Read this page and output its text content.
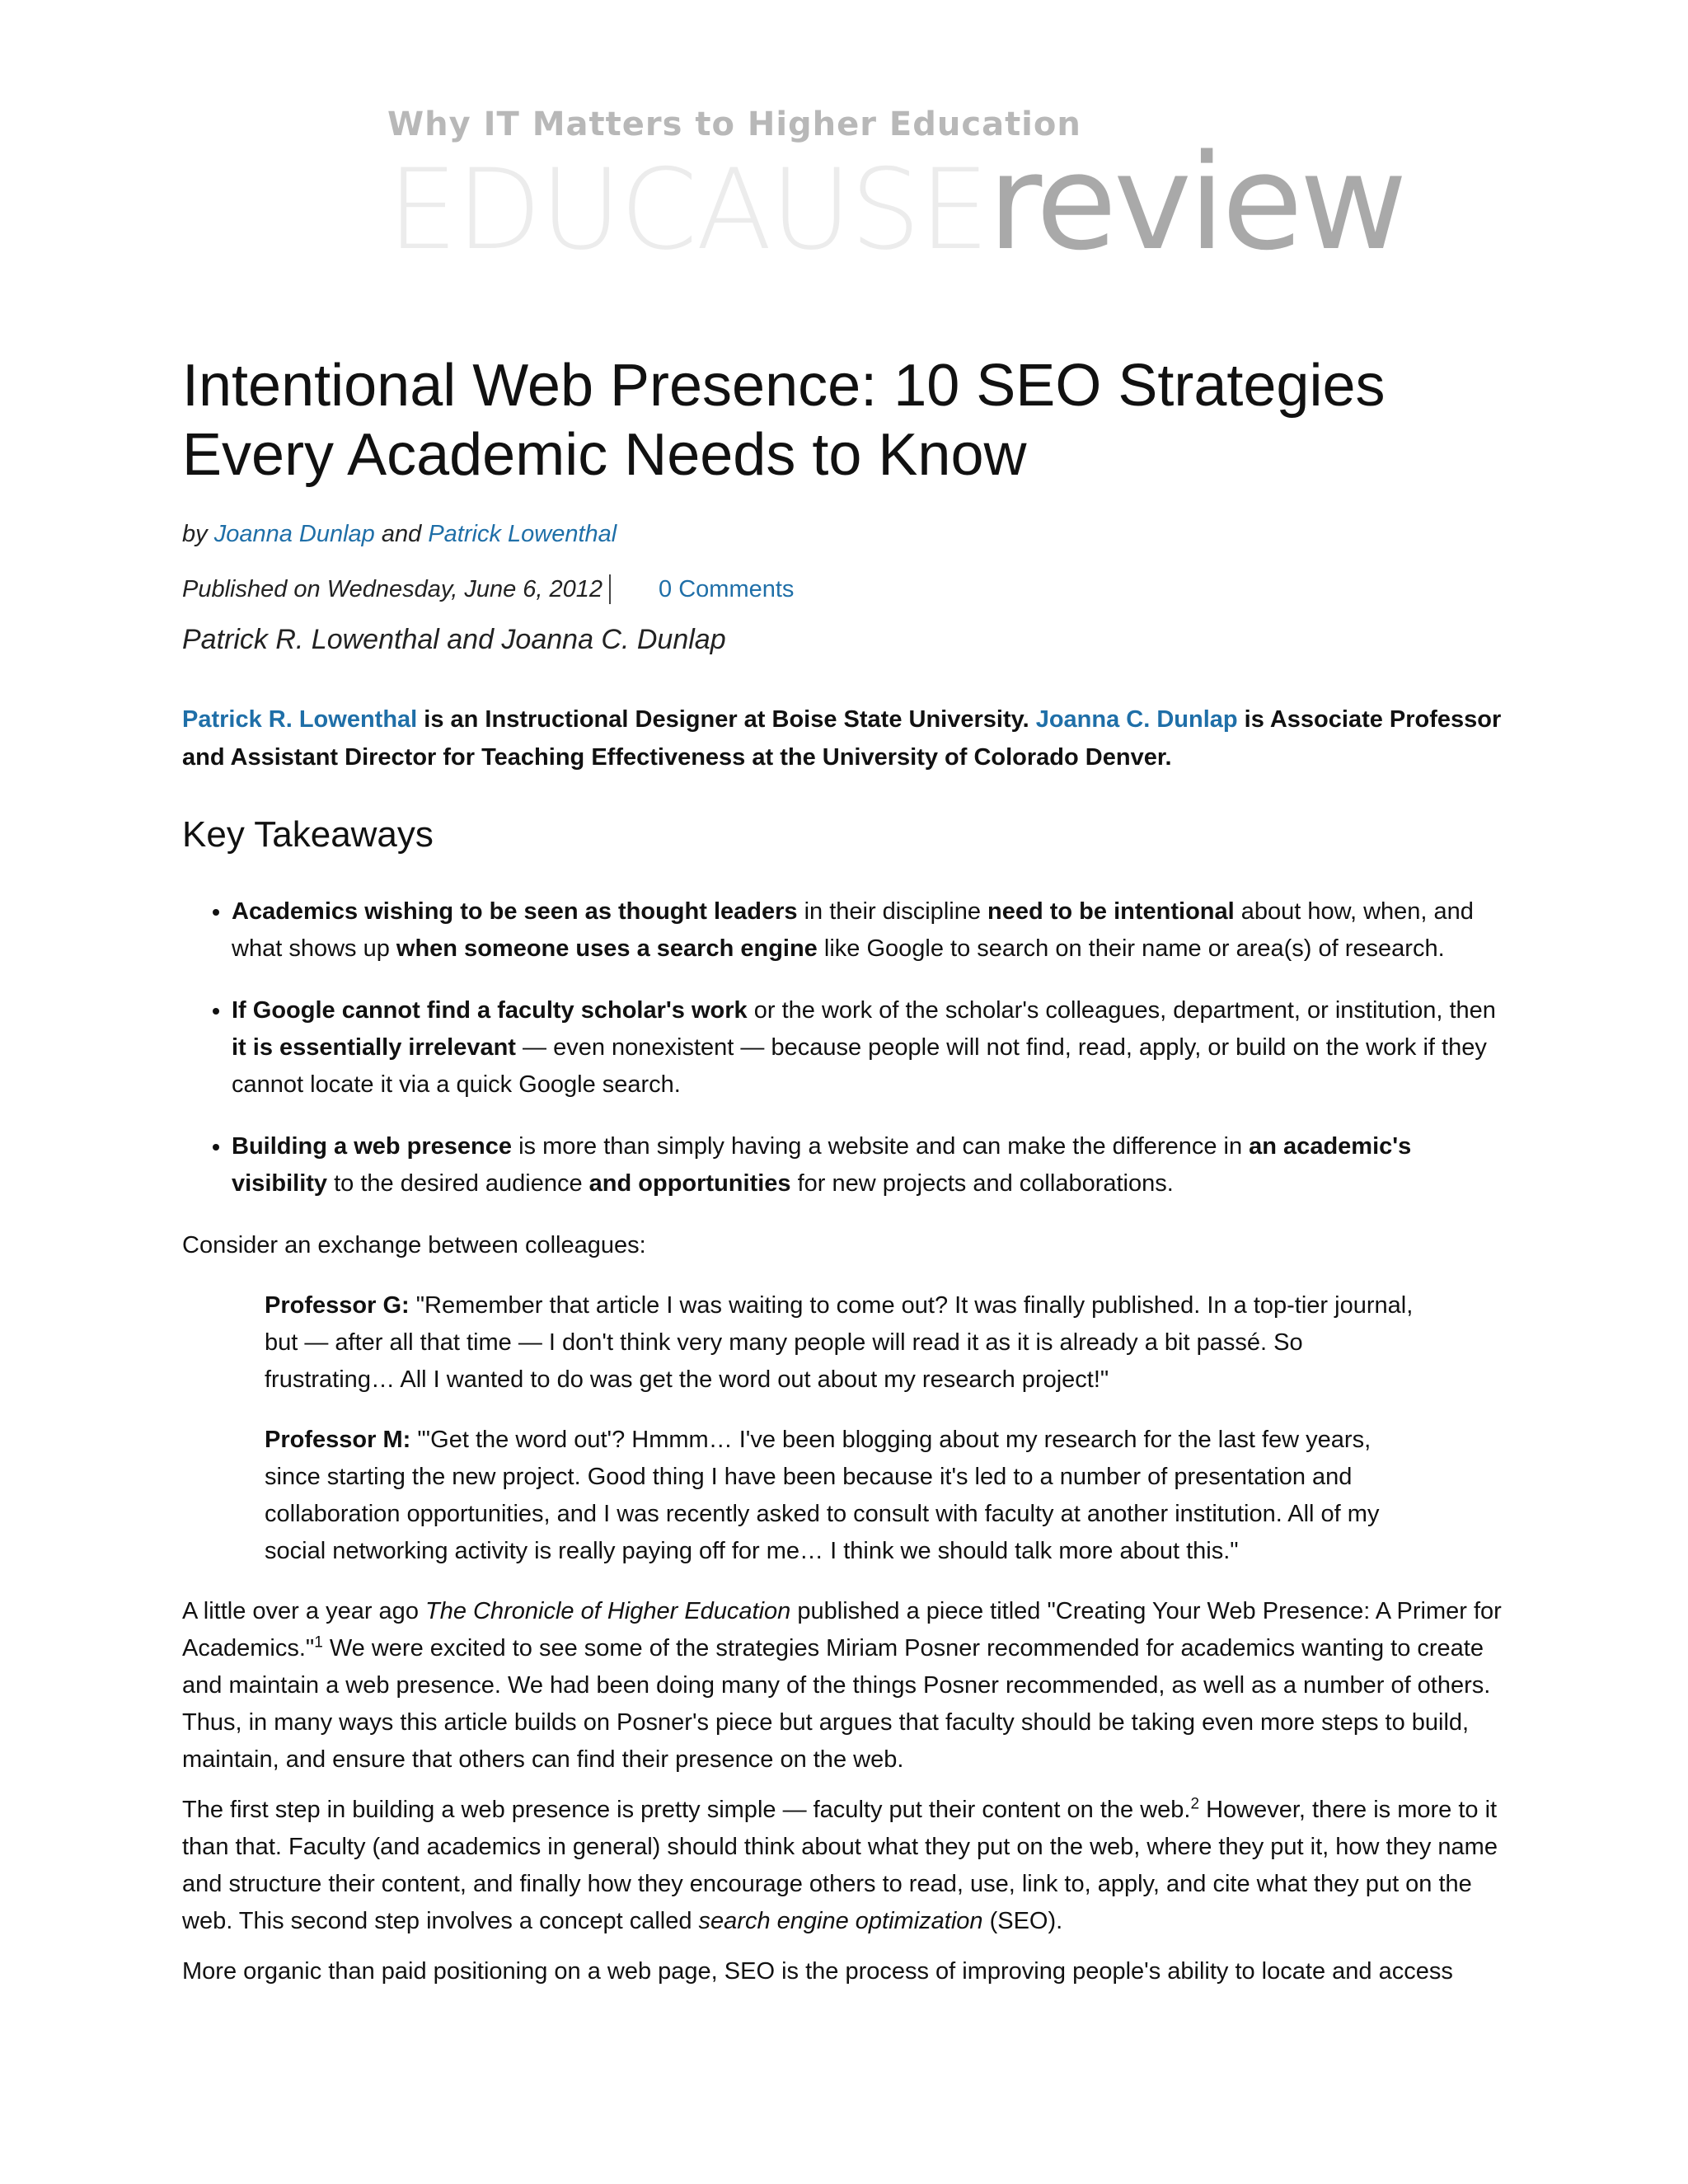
Why IT Matters to Higher Education
EDUCAUSEreview
Intentional Web Presence: 10 SEO Strategies Every Academic Needs to Know
by Joanna Dunlap and Patrick Lowenthal
Published on Wednesday, June 6, 2012 0 Comments
Patrick R. Lowenthal and Joanna C. Dunlap
Patrick R. Lowenthal is an Instructional Designer at Boise State University. Joanna C. Dunlap is Associate Professor and Assistant Director for Teaching Effectiveness at the University of Colorado Denver.
Key Takeaways
• Academics wishing to be seen as thought leaders in their discipline need to be intentional about how, when, and what shows up when someone uses a search engine like Google to search on their name or area(s) of research.
• If Google cannot find a faculty scholar's work or the work of the scholar's colleagues, department, or institution, then it is essentially irrelevant — even nonexistent — because people will not find, read, apply, or build on the work if they cannot locate it via a quick Google search.
• Building a web presence is more than simply having a website and can make the difference in an academic's visibility to the desired audience and opportunities for new projects and collaborations.

Consider an exchange between colleagues:

Professor G: "Remember that article I was waiting to come out? It was finally published. In a top-tier journal, but — after all that time — I don't think very many people will read it as it is already a bit passé. So frustrating… All I wanted to do was get the word out about my research project!"

Professor M: "'Get the word out'? Hmmm… I've been blogging about my research for the last few years, since starting the new project. Good thing I have been because it's led to a number of presentation and collaboration opportunities, and I was recently asked to consult with faculty at another institution. All of my social networking activity is really paying off for me… I think we should talk more about this."

A little over a year ago The Chronicle of Higher Education published a piece titled "Creating Your Web Presence: A Primer for Academics."$^1$ We were excited to see some of the strategies Miriam Posner recommended for academics wanting to create and maintain a web presence. We had been doing many of the things Posner recommended, as well as a number of others. Thus, in many ways this article builds on Posner's piece but argues that faculty should be taking even more steps to build, maintain, and ensure that others can find their presence on the web.

The first step in building a web presence is pretty simple — faculty put their content on the web.$^2$ However, there is more to it than that. Faculty (and academics in general) should think about what they put on the web, where they put it, how they name and structure their content, and finally how they encourage others to read, use, link to, apply, and cite what they put on the web. This second step involves a concept called search engine optimization (SEO).

More organic than paid positioning on a web page, SEO is the process of improving people's ability to locate and access
